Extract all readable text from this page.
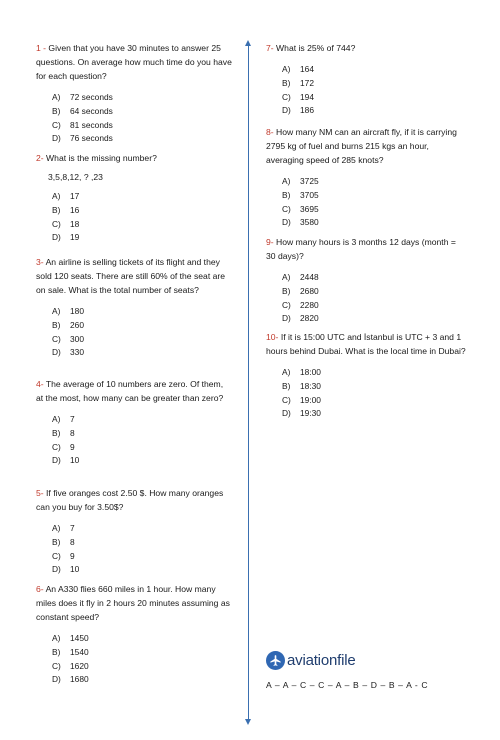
1 - Given that you have 30 minutes to answer 25 questions. On average how much time do you have for each question?

A) 72 seconds
B) 64 seconds
C) 81 seconds
D) 76 seconds

2- What is the missing number?

3,5,8,12, ? ,23
A) 17
B) 16
C) 18
D) 19

3- An airline is selling tickets of its flight and they sold 120 seats. There are still 60% of the seat are on sale. What is the total number of seats?

A) 180
B) 260
C) 300
D) 330

4- The average of 10 numbers are zero. Of them, at the most, how many can be greater than zero?

A) 7
B) 8
C) 9
D) 10

5- If five oranges cost 2.50 $. How many oranges can you buy for 3.50$?

A) 7
B) 8
C) 9
D) 10

6- An A330 flies 660 miles in 1 hour. How many miles does it fly in 2 hours 20 minutes assuming as constant speed?

A) 1450
B) 1540
C) 1620
D) 1680

7- What is 25% of 744?

A) 164
B) 172
C) 194
D) 186

8- How many NM can an aircraft fly, if it is carrying 2795 kg of fuel and burns 215 kgs an hour, averaging speed of 285 knots?

A) 3725
B) 3705
C) 3695
D) 3580

9- How many hours is 3 months 12 days (month = 30 days)?

A) 2448
B) 2680
C) 2280
D) 2820

10- If it is 15:00 UTC and İstanbul is UTC + 3 and 1 hours behind Dubai. What is the local time in Dubai?

A) 18:00
B) 18:30
C) 19:00
D) 19:30
aviationfile
A – A – C – C – A – B – D – B – A - C
